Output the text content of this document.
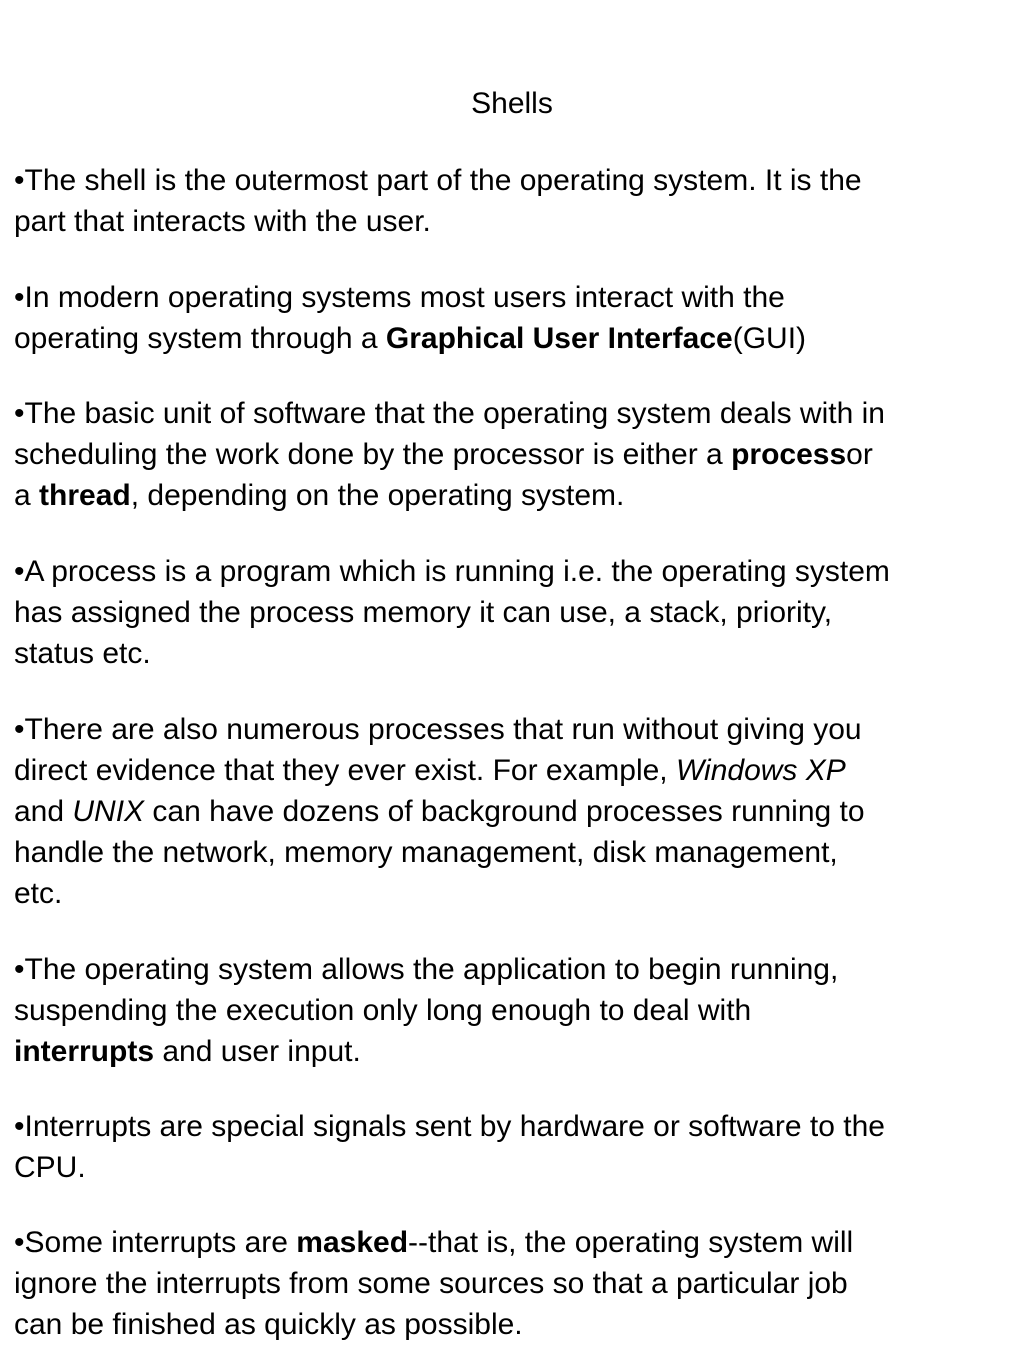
Shells

•The shell is the outermost part of the operating system. It is the
part that interacts with the user.

•In modern operating systems most users interact with the
operating system through a Graphical User Interface(GUI)

•The basic unit of software that the operating system deals with in
scheduling the work done by the processor is either a processor
a thread, depending on the operating system.

•A process is a program which is running i.e. the operating system
has assigned the process memory it can use, a stack, priority,
status etc.

•There are also numerous processes that run without giving you
direct evidence that they ever exist. For example, Windows XP
and UNIX can have dozens of background processes running to
handle the network, memory management, disk management,
etc.

•The operating system allows the application to begin running,
suspending the execution only long enough to deal with
interrupts and user input.

•Interrupts are special signals sent by hardware or software to the
CPU.

•Some interrupts are masked--that is, the operating system will
ignore the interrupts from some sources so that a particular job
can be finished as quickly as possible.
